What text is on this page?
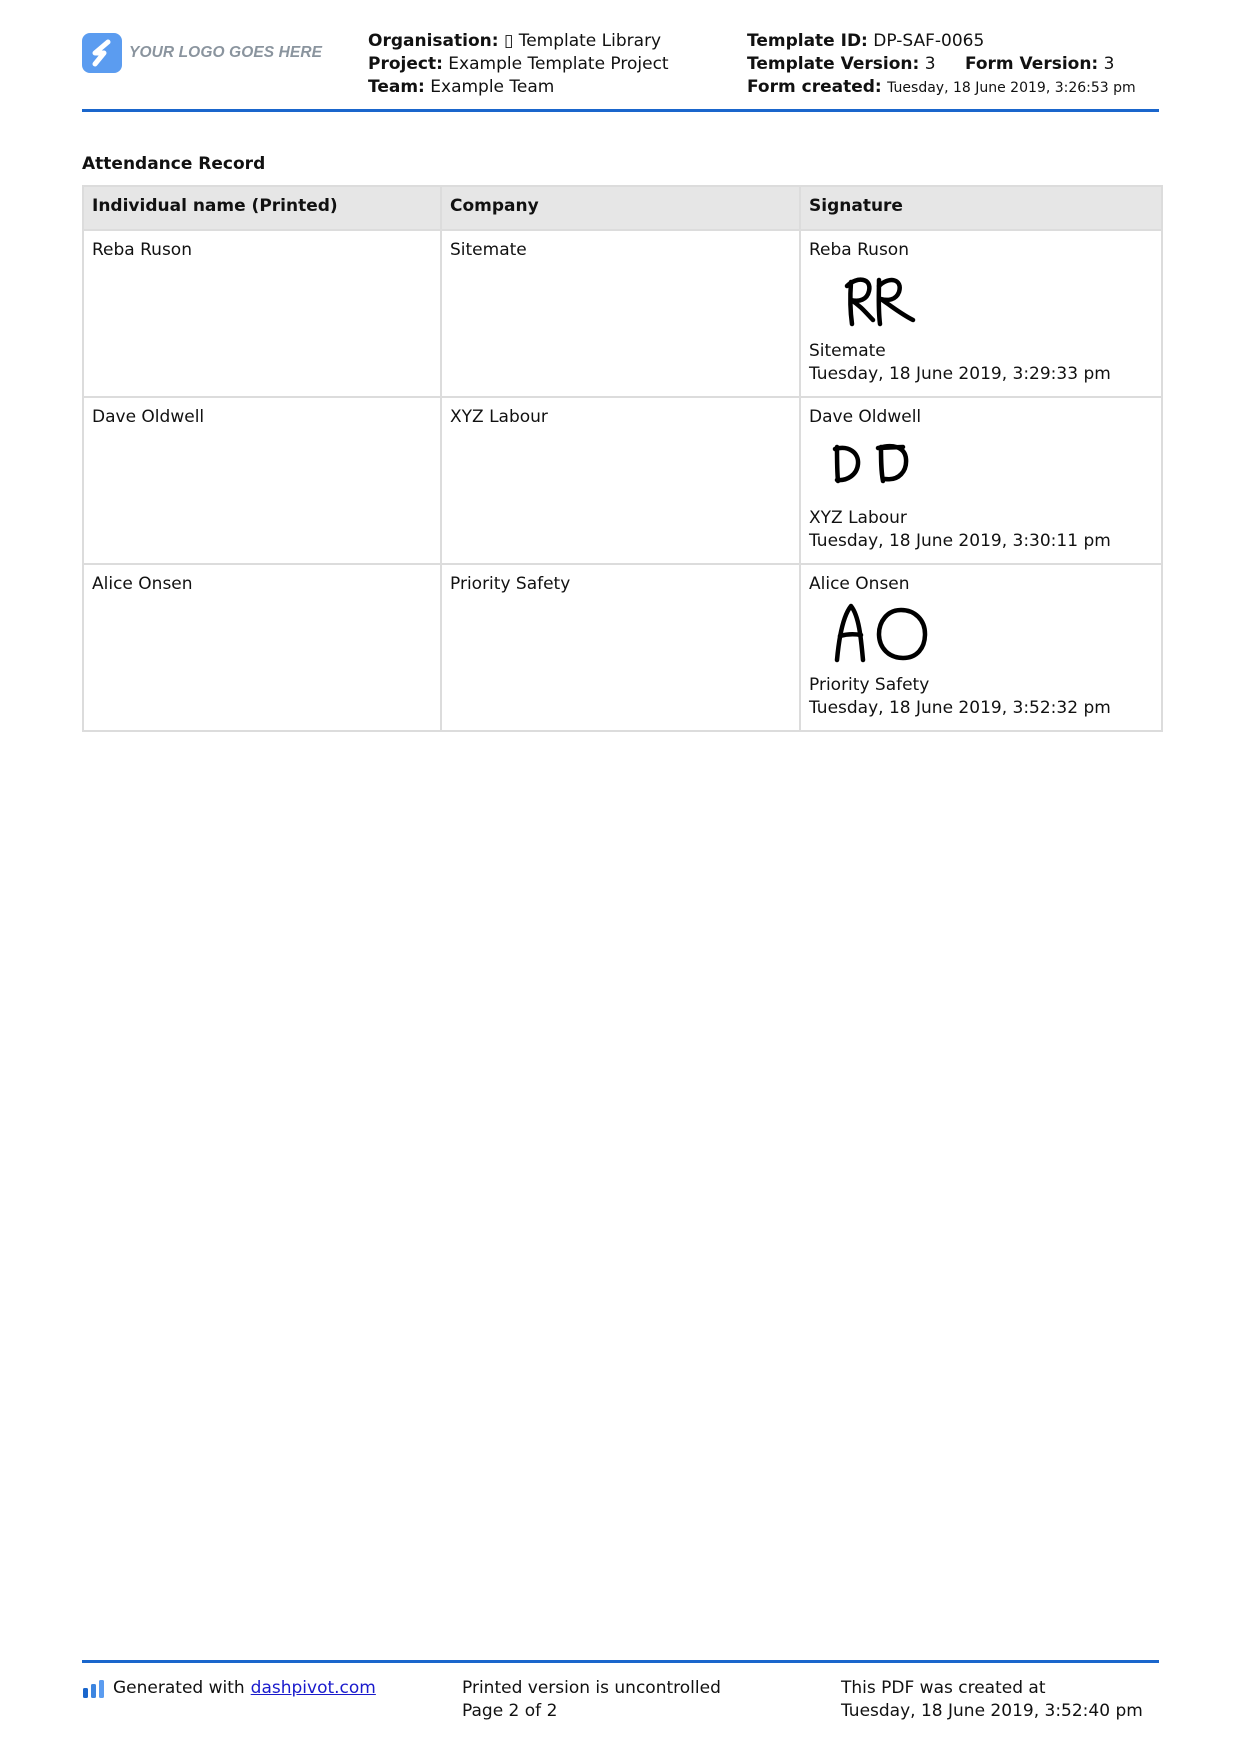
YOUR LOGO GOES HERE
Organisation: ▯ Template Library
Project: Example Template Project
Team: Example Team
Template ID: DP-SAF-0065
Template Version: 3 Form Version: 3
Form created: Tuesday, 18 June 2019, 3:26:53 pm
Attendance Record
Individual name (Printed)	Company	Signature
Reba Ruson	Sitemate	Reba Ruson
Sitemate
Tuesday, 18 June 2019, 3:29:33 pm

Dave Oldwell	XYZ Labour	Dave Oldwell
XYZ Labour
Tuesday, 18 June 2019, 3:30:11 pm

Alice Onsen	Priority Safety	Alice Onsen
Priority Safety
Tuesday, 18 June 2019, 3:52:32 pm
Generated with dashpivot.com	Printed version is uncontrolled
Page 2 of 2
This PDF was created at
Tuesday, 18 June 2019, 3:52:40 pm
